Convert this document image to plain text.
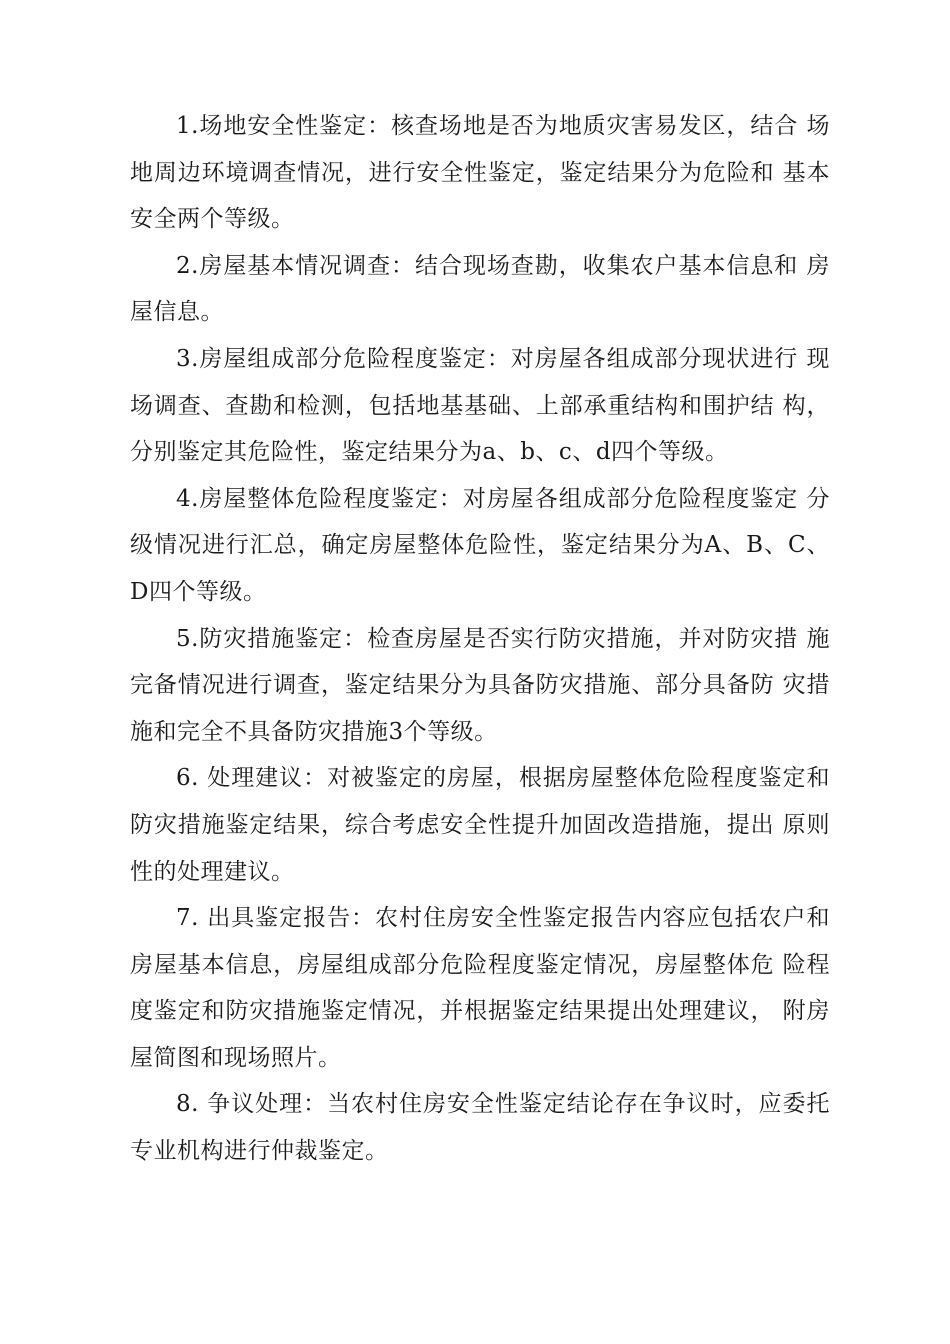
1.场地安全性鉴定：核查场地是否为地质灾害易发区，结合 场地周边环境调查情况，进行安全性鉴定，鉴定结果分为危险和 基本安全两个等级。

2.房屋基本情况调查：结合现场查勘，收集农户基本信息和 房屋信息。

3.房屋组成部分危险程度鉴定：对房屋各组成部分现状进行 现场调查、查勘和检测，包括地基基础、上部承重结构和围护结 构，分别鉴定其危险性，鉴定结果分为a、b、c、d四个等级。

4.房屋整体危险程度鉴定：对房屋各组成部分危险程度鉴定 分级情况进行汇总，确定房屋整体危险性，鉴定结果分为A、B、C、 D四个等级。

5.防灾措施鉴定：检查房屋是否实行防灾措施，并对防灾措 施完备情况进行调查，鉴定结果分为具备防灾措施、部分具备防 灾措施和完全不具备防灾措施3个等级。

6. 处理建议：对被鉴定的房屋，根据房屋整体危险程度鉴定和防灾措施鉴定结果，综合考虑安全性提升加固改造措施，提出 原则性的处理建议。

7. 出具鉴定报告：农村住房安全性鉴定报告内容应包括农户和房屋基本信息，房屋组成部分危险程度鉴定情况，房屋整体危 险程度鉴定和防灾措施鉴定情况，并根据鉴定结果提出处理建议， 附房屋简图和现场照片。

8. 争议处理：当农村住房安全性鉴定结论存在争议时，应委托专业机构进行仲裁鉴定。
